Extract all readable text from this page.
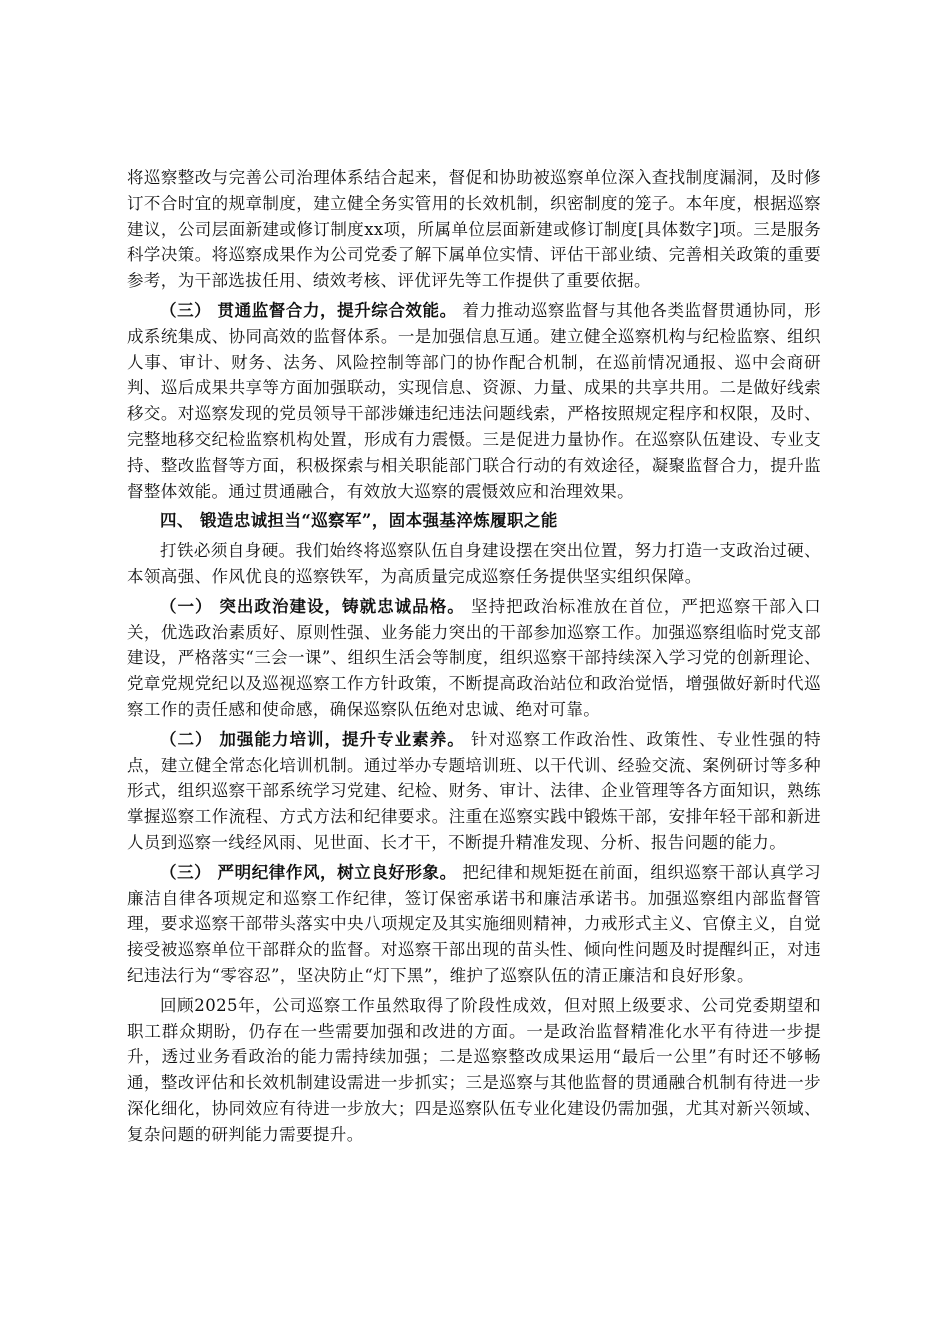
将巡察整改与完善公司治理体系结合起来，督促和协助被巡察单位深入查找制度漏洞，及时修订不合时宜的规章制度，建立健全务实管用的长效机制，织密制度的笼子。本年度，根据巡察建议，公司层面新建或修订制度xx项，所属单位层面新建或修订制度[具体数字]项。三是服务科学决策。将巡察成果作为公司党委了解下属单位实情、评估干部业绩、完善相关政策的重要参考，为干部选拔任用、绩效考核、评优评先等工作提供了重要依据。

（三） 贯通监督合力，提升综合效能。 着力推动巡察监督与其他各类监督贯通协同，形成系统集成、协同高效的监督体系。一是加强信息互通。建立健全巡察机构与纪检监察、组织人事、审计、财务、法务、风险控制等部门的协作配合机制，在巡前情况通报、巡中会商研判、巡后成果共享等方面加强联动，实现信息、资源、力量、成果的共享共用。二是做好线索移交。对巡察发现的党员领导干部涉嫌违纪违法问题线索，严格按照规定程序和权限，及时、完整地移交纪检监察机构处置，形成有力震慑。三是促进力量协作。在巡察队伍建设、专业支持、整改监督等方面，积极探索与相关职能部门联合行动的有效途径，凝聚监督合力，提升监督整体效能。通过贯通融合，有效放大巡察的震慑效应和治理效果。

四、 锻造忠诚担当“巡察军”，固本强基淬炼履职之能

打铁必须自身硬。我们始终将巡察队伍自身建设摆在突出位置，努力打造一支政治过硬、本领高强、作风优良的巡察铁军，为高质量完成巡察任务提供坚实组织保障。

（一） 突出政治建设，铸就忠诚品格。 坚持把政治标准放在首位，严把巡察干部入口关，优选政治素质好、原则性强、业务能力突出的干部参加巡察工作。加强巡察组临时党支部建设，严格落实“三会一课”、组织生活会等制度，组织巡察干部持续深入学习党的创新理论、党章党规党纪以及巡视巡察工作方针政策，不断提高政治站位和政治觉悟，增强做好新时代巡察工作的责任感和使命感，确保巡察队伍绝对忠诚、绝对可靠。

（二） 加强能力培训，提升专业素养。 针对巡察工作政治性、政策性、专业性强的特点，建立健全常态化培训机制。通过举办专题培训班、以干代训、经验交流、案例研讨等多种形式，组织巡察干部系统学习党建、纪检、财务、审计、法律、企业管理等各方面知识，熟练掌握巡察工作流程、方式方法和纪律要求。注重在巡察实践中锻炼干部，安排年轻干部和新进人员到巡察一线经风雨、见世面、长才干，不断提升精准发现、分析、报告问题的能力。

（三） 严明纪律作风，树立良好形象。 把纪律和规矩挺在前面，组织巡察干部认真学习廉洁自律各项规定和巡察工作纪律，签订保密承诺书和廉洁承诺书。加强巡察组内部监督管理，要求巡察干部带头落实中央八项规定及其实施细则精神，力戒形式主义、官僚主义，自觉接受被巡察单位干部群众的监督。对巡察干部出现的苗头性、倾向性问题及时提醒纠正，对违纪违法行为“零容忍”，坚决防止“灯下黑”，维护了巡察队伍的清正廉洁和良好形象。

回顾2025年，公司巡察工作虽然取得了阶段性成效，但对照上级要求、公司党委期望和职工群众期盼，仍存在一些需要加强和改进的方面。一是政治监督精准化水平有待进一步提升，透过业务看政治的能力需持续加强；二是巡察整改成果运用“最后一公里”有时还不够畅通，整改评估和长效机制建设需进一步抓实；三是巡察与其他监督的贯通融合机制有待进一步深化细化，协同效应有待进一步放大；四是巡察队伍专业化建设仍需加强，尤其对新兴领域、复杂问题的研判能力需要提升。
